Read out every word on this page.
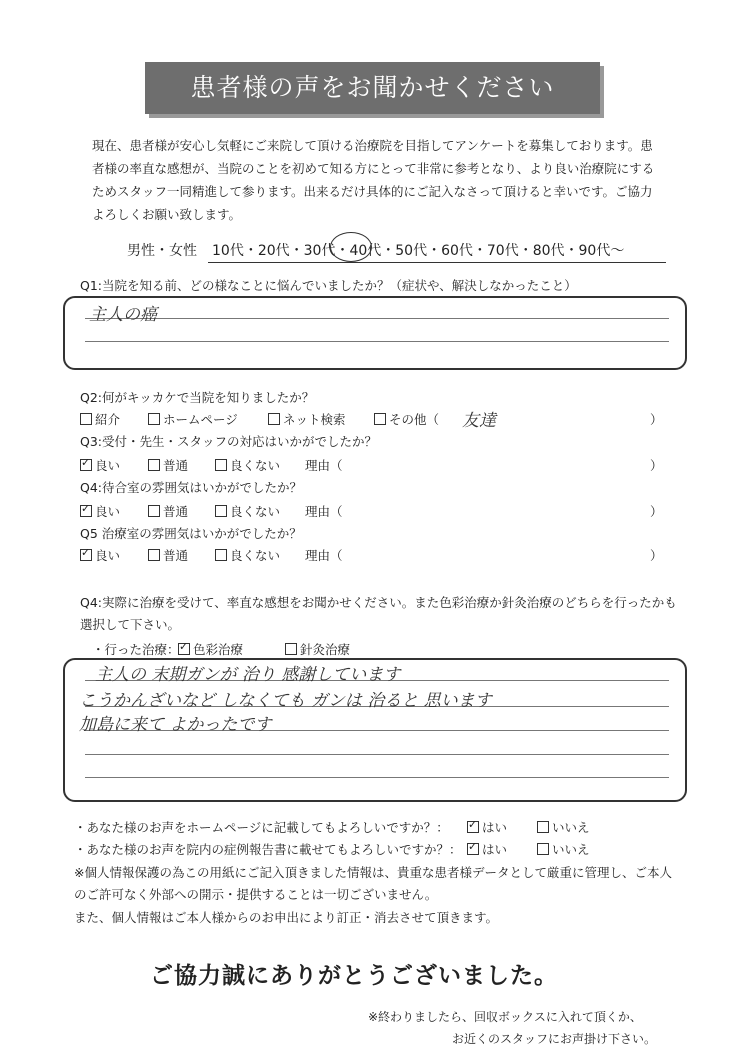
患者様の声をお聞かせください
現在、患者様が安心し気軽にご来院して頂ける治療院を目指してアンケートを募集しております。患者様の率直な感想が、当院のことを初めて知る方にとって非常に参考となり、より良い治療院にするためスタッフ一同精進して参ります。出来るだけ具体的にご記入なさって頂けると幸いです。ご協力よろしくお願い致します。
男性・女性 10代・20代・30代・40代・50代・60代・70代・80代・90代～
Q1:当院を知る前、どの様なことに悩んでいましたか？（症状や、解決しなかったこと）
主人の癌
Q2:何がキッカケで当院を知りましたか？
紹介	ホームページ	ネット検索	その他（ 友達	）
Q3:受付・先生・スタッフの対応はいかがでしたか？
✓良い	普通	良くない 理由（	）
Q4:待合室の雰囲気はいかがでしたか？
✓良い	普通	良くない 理由（	）
Q5 治療室の雰囲気はいかがでしたか？
✓良い	普通	良くない 理由（	）
Q4:実際に治療を受けて、率直な感想をお聞かせください。また色彩治療か針灸治療のどちらを行ったかも選択して下さい。
・行った治療： ✓	色彩治療	針灸治療
主人の 末期ガンが 治り 感謝しています
こうかんざいなど しなくても ガンは 治ると 思います
加島に来て よかったです
・あなた様のお声をホームページに記載してもよろしいですか？： ✓	はい	いいえ
・あなた様のお声を院内の症例報告書に載せてもよろしいですか？： ✓	はい	いいえ
※個人情報保護の為この用紙にご記入頂きました情報は、貴重な患者様データとして厳重に管理し、ご本人のご許可なく外部への開示・提供することは一切ございません。
また、個人情報はご本人様からのお申出により訂正・消去させて頂きます。
ご協力誠にありがとうございました。
※終わりましたら、回収ボックスに入れて頂くか、
お近くのスタッフにお声掛け下さい。
